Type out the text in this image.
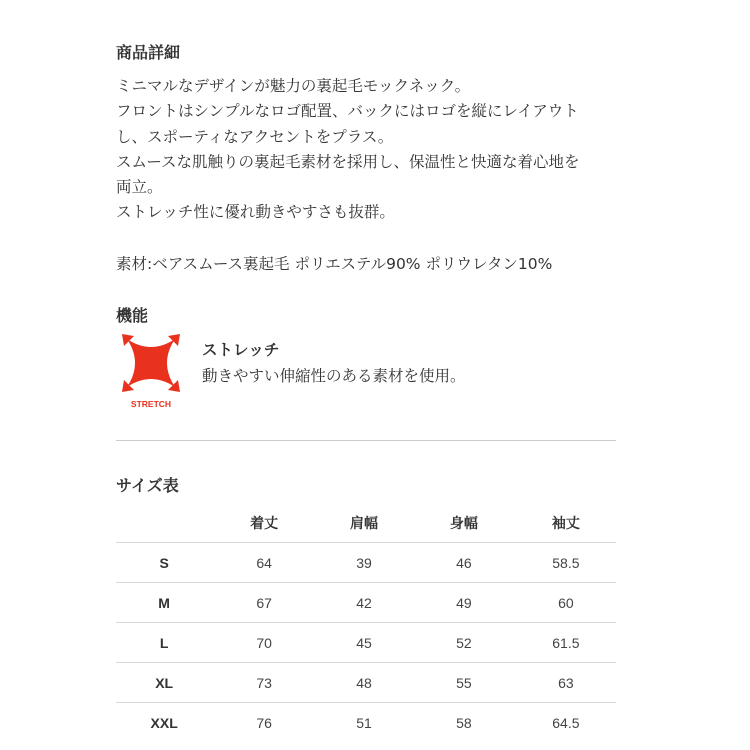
商品詳細
ミニマルなデザインが魅力の裏起毛モックネック。
フロントはシンプルなロゴ配置、バックにはロゴを縦にレイアウト
し、スポーティなアクセントをプラス。
スムースな肌触りの裏起毛素材を採用し、保温性と快適な着心地を
両立。
ストレッチ性に優れ動きやすさも抜群。
素材:ベアスムース裏起毛 ポリエステル90% ポリウレタン10%
機能
STRETCH
ストレッチ
動きやすい伸縮性のある素材を使用。
サイズ表
	着丈	肩幅	身幅	袖丈
S	64	39	46	58.5
M	67	42	49	60
L	70	45	52	61.5
XL	73	48	55	63
XXL	76	51	58	64.5
